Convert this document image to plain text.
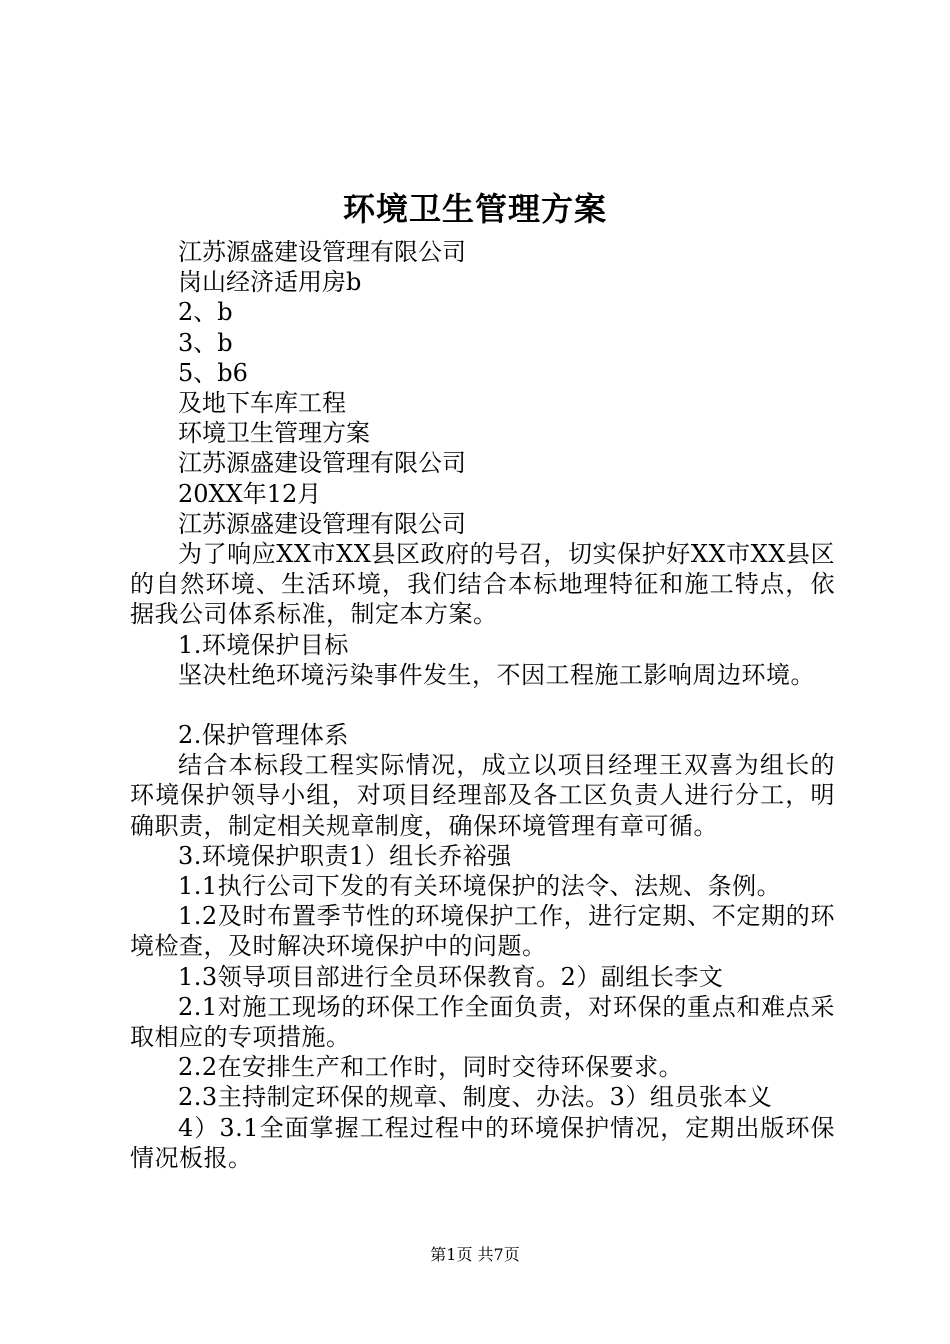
环境卫生管理方案

江苏源盛建设管理有限公司

岗山经济适用房b

2、b

3、b

5、b6

及地下车库工程

环境卫生管理方案

江苏源盛建设管理有限公司

20XX年12月

江苏源盛建设管理有限公司

为了响应XX市XX县区政府的号召，切实保护好XX市XX县区的自然环境、生活环境，我们结合本标地理特征和施工特点，依据我公司体系标准，制定本方案。

1.环境保护目标

坚决杜绝环境污染事件发生，不因工程施工影响周边环境。

2.保护管理体系

结合本标段工程实际情况，成立以项目经理王双喜为组长的环境保护领导小组，对项目经理部及各工区负责人进行分工，明确职责，制定相关规章制度，确保环境管理有章可循。

3.环境保护职责1）组长乔裕强

1.1执行公司下发的有关环境保护的法令、法规、条例。

1.2及时布置季节性的环境保护工作，进行定期、不定期的环境检查，及时解决环境保护中的问题。

1.3领导项目部进行全员环保教育。2）副组长李文

2.1对施工现场的环保工作全面负责，对环保的重点和难点采取相应的专项措施。

2.2在安排生产和工作时，同时交待环保要求。

2.3主持制定环保的规章、制度、办法。3）组员张本义

4）3.1全面掌握工程过程中的环境保护情况，定期出版环保情况板报。

第1页 共7页
